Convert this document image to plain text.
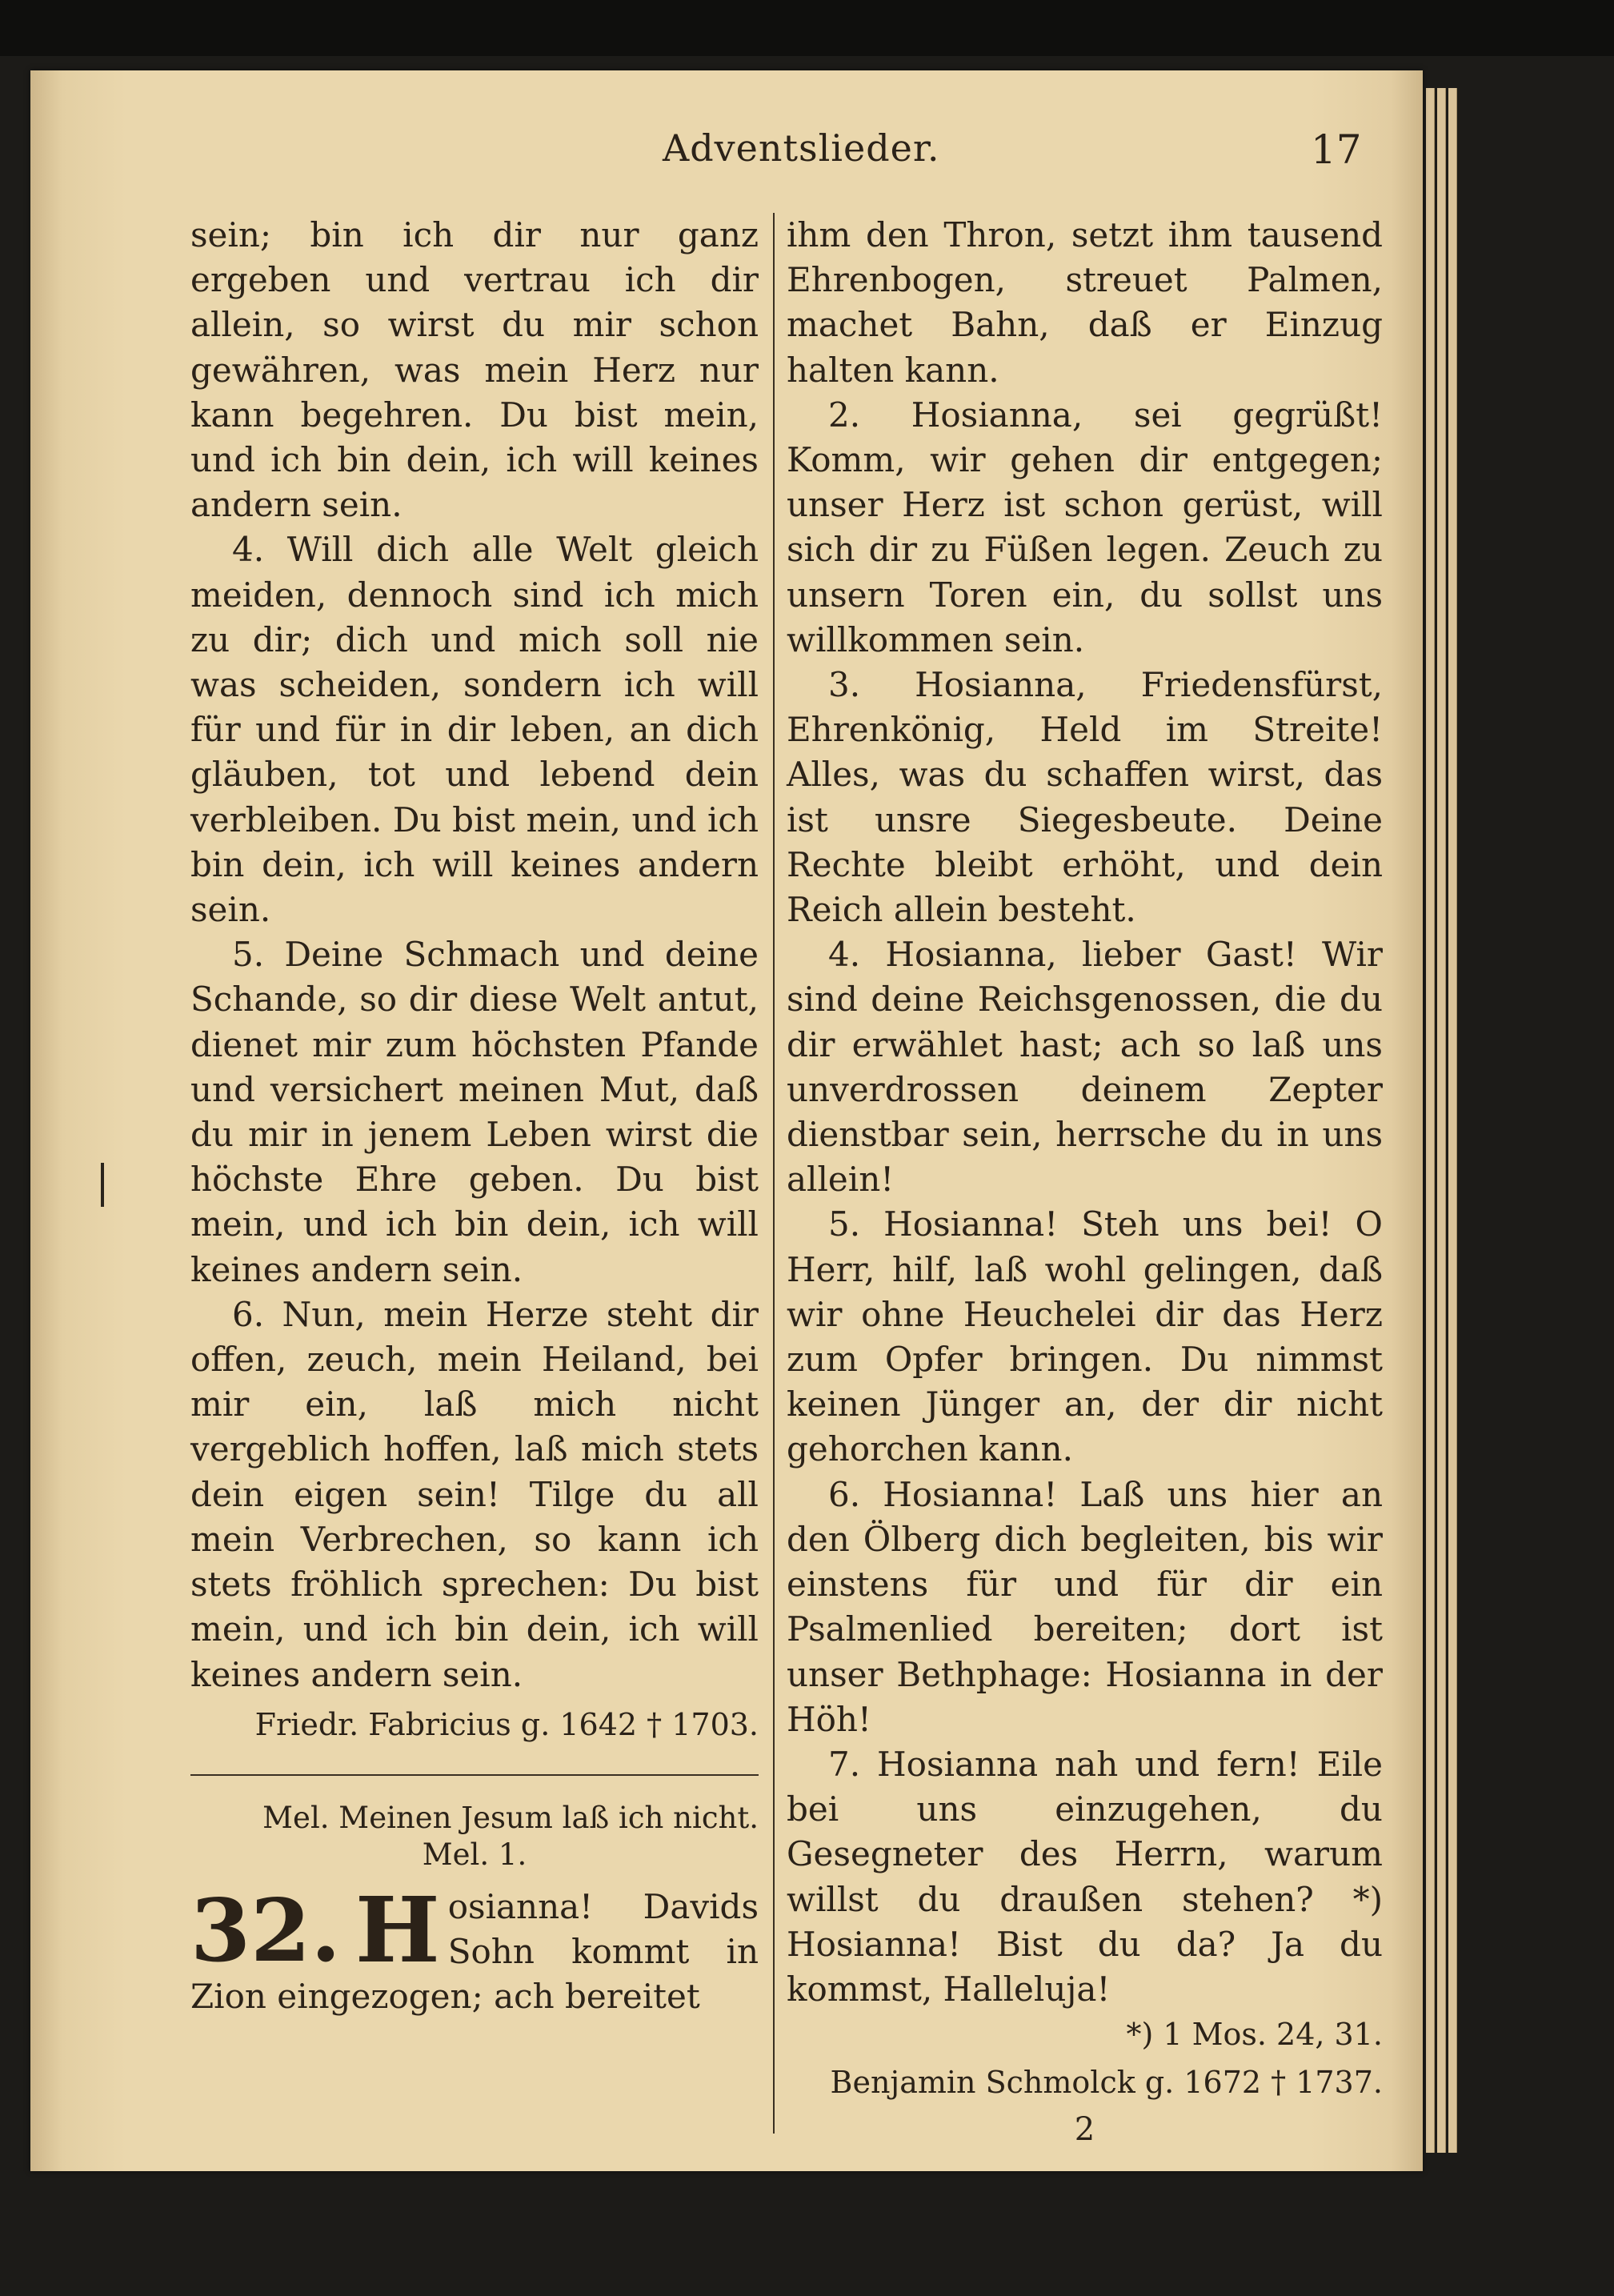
Adventslieder.	17

sein; bin ich dir nur ganz ergeben und vertrau ich dir allein, so wirst du mir schon gewähren, was mein Herz nur kann begehren. Du bist mein, und ich bin dein, ich will keines andern sein.

4. Will dich alle Welt gleich meiden, dennoch sind ich mich zu dir; dich und mich soll nie was scheiden, sondern ich will für und für in dir leben, an dich gläuben, tot und lebend dein verbleiben. Du bist mein, und ich bin dein, ich will keines andern sein.

5. Deine Schmach und deine Schande, so dir diese Welt antut, dienet mir zum höchsten Pfande und versichert meinen Mut, daß du mir in jenem Leben wirst die höchste Ehre geben. Du bist mein, und ich bin dein, ich will keines andern sein.

6. Nun, mein Herze steht dir offen, zeuch, mein Heiland, bei mir ein, laß mich nicht vergeblich hoffen, laß mich stets dein eigen sein! Tilge du all mein Verbrechen, so kann ich stets fröhlich sprechen: Du bist mein, und ich bin dein, ich will keines andern sein.

Friedr. Fabricius g. 1642 † 1703.
Mel. Meinen Jesum laß ich nicht.
Mel. 1.
32. H osianna! Davids Sohn kommt in Zion eingezogen; ach bereitet

ihm den Thron, setzt ihm tausend Ehrenbogen, streuet Palmen, machet Bahn, daß er Einzug halten kann.

2. Hosianna, sei gegrüßt! Komm, wir gehen dir entgegen; unser Herz ist schon gerüst, will sich dir zu Füßen legen. Zeuch zu unsern Toren ein, du sollst uns willkommen sein.

3. Hosianna, Friedensfürst, Ehrenkönig, Held im Streite! Alles, was du schaffen wirst, das ist unsre Siegesbeute. Deine Rechte bleibt erhöht, und dein Reich allein besteht.

4. Hosianna, lieber Gast! Wir sind deine Reichsgenossen, die du dir erwählet hast; ach so laß uns unverdrossen deinem Zepter dienstbar sein, herrsche du in uns allein!

5. Hosianna! Steh uns bei! O Herr, hilf, laß wohl gelingen, daß wir ohne Heuchelei dir das Herz zum Opfer bringen. Du nimmst keinen Jünger an, der dir nicht gehorchen kann.

6. Hosianna! Laß uns hier an den Ölberg dich begleiten, bis wir einstens für und für dir ein Psalmenlied bereiten; dort ist unser Bethphage: Hosianna in der Höh!

7. Hosianna nah und fern! Eile bei uns einzugehen, du Gesegneter des Herrn, warum willst du draußen stehen? *) Hosianna! Bist du da? Ja du kommst, Halleluja!

*) 1 Mos. 24, 31.
Benjamin Schmolck g. 1672 † 1737.
2
